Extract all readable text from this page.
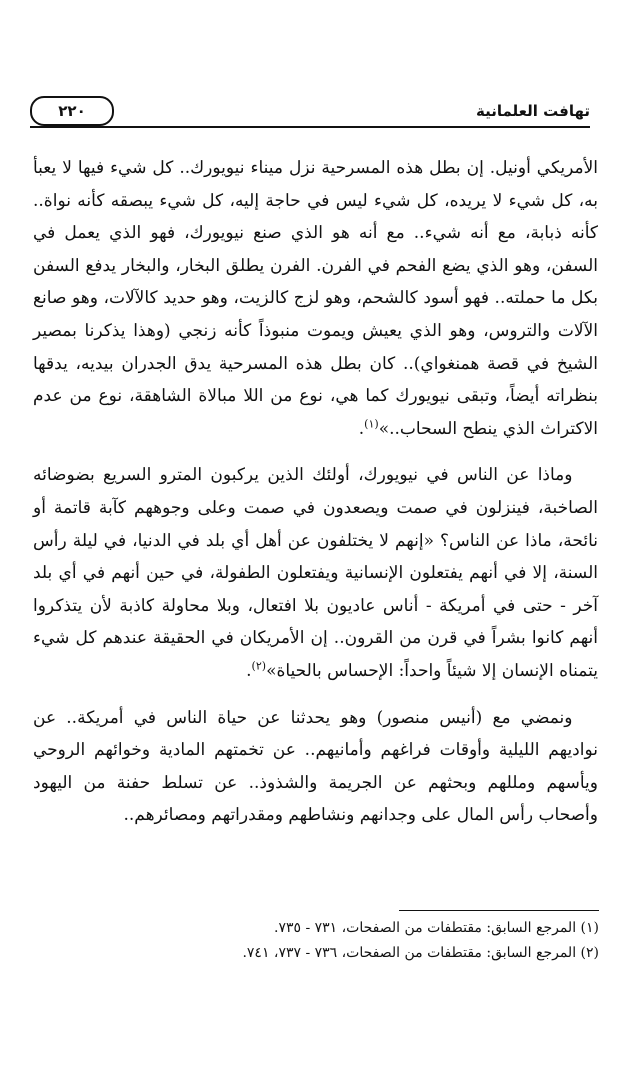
تهافت العلمانية
٢٢٠

الأمريكي أونيل. إن بطل هذه المسرحية نزل ميناء نيويورك.. كل شيء فيها لا يعبأ به، كل شيء لا يريده، كل شيء ليس في حاجة إليه، كل شيء يبصقه كأنه نواة.. كأنه ذبابة، مع أنه شيء.. مع أنه هو الذي صنع نيويورك، فهو الذي يعمل في السفن، وهو الذي يضع الفحم في الفرن. الفرن يطلق البخار، والبخار يدفع السفن بكل ما حملته.. فهو أسود كالشحم، وهو لزج كالزيت، وهو حديد كالآلات، وهو صانع الآلات والتروس، وهو الذي يعيش ويموت منبوذاً كأنه زنجي (وهذا يذكرنا بمصير الشيخ في قصة همنغواي).. كان بطل هذه المسرحية يدق الجدران بيديه، يدقها بنظراته أيضاً، وتبقى نيويورك كما هي، نوع من اللا مبالاة الشاهقة، نوع من عدم الاكتراث الذي ينطح السحاب..»$^{(١)}$.

وماذا عن الناس في نيويورك، أولئك الذين يركبون المترو السريع بضوضائه الصاخبة، فينزلون في صمت ويصعدون في صمت وعلى وجوههم كآبة قاتمة أو نائحة، ماذا عن الناس؟ «إنهم لا يختلفون عن أهل أي بلد في الدنيا، في ليلة رأس السنة، إلا في أنهم يفتعلون الإنسانية ويفتعلون الطفولة، في حين أنهم في أي بلد آخر - حتى في أمريكة - أناس عاديون بلا افتعال، وبلا محاولة كاذبة لأن يتذكروا أنهم كانوا بشراً في قرن من القرون.. إن الأمريكان في الحقيقة عندهم كل شيء يتمناه الإنسان إلا شيئاً واحداً: الإحساس بالحياة»$^{(٢)}$.

ونمضي مع (أنيس منصور) وهو يحدثنا عن حياة الناس في أمريكة.. عن نواديهم الليلية وأوقات فراغهم وأمانيهم.. عن تخمتهم المادية وخوائهم الروحي ويأسهم ومللهم وبحثهم عن الجريمة والشذوذ.. عن تسلط حفنة من اليهود وأصحاب رأس المال على وجدانهم ونشاطهم ومقدراتهم ومصائرهم..

(١) المرجع السابق: مقتطفات من الصفحات، ٧٣١ - ٧٣٥.

(٢) المرجع السابق: مقتطفات من الصفحات، ٧٣٦ - ٧٣٧، ٧٤١.
